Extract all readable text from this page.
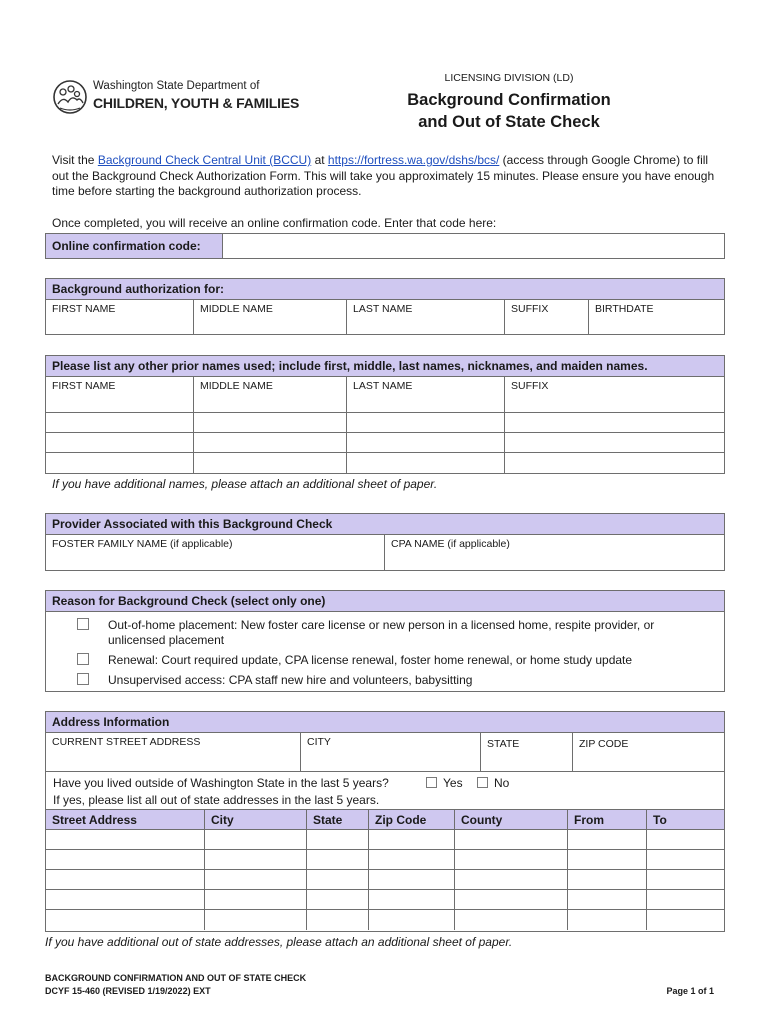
Washington State Department of
CHILDREN, YOUTH & FAMILIES
LICENSING DIVISION (LD)
Background Confirmation
and Out of State Check
Visit the Background Check Central Unit (BCCU) at https://fortress.wa.gov/dshs/bcs/ (access through Google Chrome) to fill out the Background Check Authorization Form. This will take you approximately 15 minutes. Please ensure you have enough time before starting the background authorization process.
Once completed, you will receive an online confirmation code. Enter that code here:
Online confirmation code:
Background authorization for:
FIRST NAME	MIDDLE NAME	LAST NAME	SUFFIX	BIRTHDATE
Please list any other prior names used; include first, middle, last names, nicknames, and maiden names.
FIRST NAME	MIDDLE NAME	LAST NAME	SUFFIX
If you have additional names, please attach an additional sheet of paper.
Provider Associated with this Background Check
FOSTER FAMILY NAME (if applicable)	CPA NAME (if applicable)
Reason for Background Check (select only one)
Out-of-home placement: New foster care license or new person in a licensed home, respite provider, or
unlicensed placement
Renewal: Court required update, CPA license renewal, foster home renewal, or home study update
Unsupervised access: CPA staff new hire and volunteers, babysitting
Address Information
CURRENT STREET ADDRESS	CITY	STATE	ZIP CODE
Have you lived outside of Washington State in the last 5 years?	Yes	No
If yes, please list all out of state addresses in the last 5 years.
Street Address	City	State	Zip Code	County	From	To
If you have additional out of state addresses, please attach an additional sheet of paper.
BACKGROUND CONFIRMATION AND OUT OF STATE CHECK
DCYF 15-460 (REVISED 1/19/2022) EXT	Page 1 of 1
